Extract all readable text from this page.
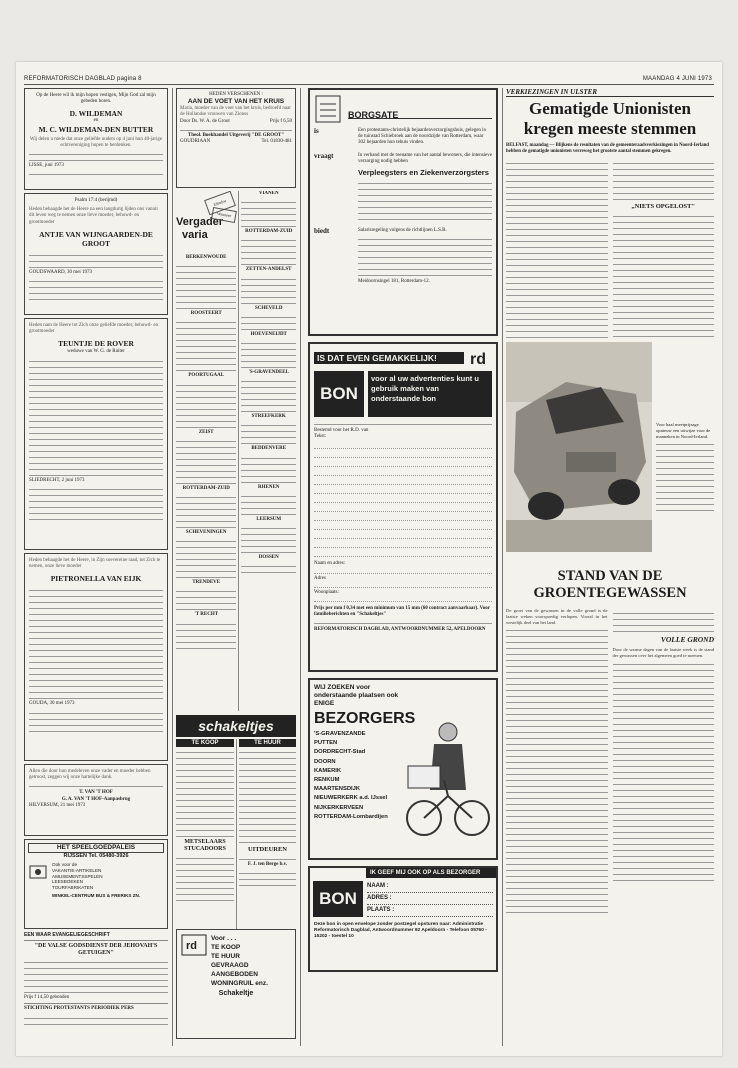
REFORMATORISCH DAGBLAD pagina 8	MAANDAG 4 JUNI 1973
Op de Heere wil ik mijn hopen vestigen, Mijn God zal mijn gebeden horen.
D. WILDEMAN
en
M. C. WILDEMAN-DEN BUTTER
Wij delen u mede dat onze geliefde ouders op 4 juni hun 40-jarige echtvereniging hopen te herdenken.
LISSE, juni 1973
Psalm 17:4 (berijmd)
Heden behaagde het de Heere na een langdurig lijden ons vanuit dit leven weg te nemen onze lieve moeder, behuwd- en grootmoeder
ANTJE VAN WIJNGAARDEN-DE GROOT
GOUDSWAARD, 30 mei 1973
Heden nam de Heere tot Zich onze geliefde moeder, behuwd- en grootmoeder
TEUNTJE DE ROVER
weduwe van W. G. de Ruiter
SLIEDRECHT, 2 juni 1973
Heden behaagde het de Heere, in Zijn soevereine raad, tot Zich te nemen, onze lieve moeder
PIETRONELLA VAN EIJK
GOUDA, 30 mei 1973
Allen die door hun medeleven onze vader en moeder hebben getroost, zeggen wij onze hartelijke dank.
T. VAN 'T HOF
G. A. VAN 'T HOF-Aanpasbrug
HILVERSUM, 21 mei 1973
HET SPEELGOEDPALEIS
RIJSSEN Tel. 05480-3926
Ook voor de
VAKANTIE-ARTIKELEN
AMUSEMENTSSPELEN
LEESBOEKEN
TOURFABRIKATEN
WINKEL-CENTRUM BUS & FRERIKS ZN.
EEN WAAR EVANGELIEGESCHRIFT
"DE VALSE GODSDIENST DER JEHOVAH'S GETUIGEN"
Prijs f 14,50 gebonden
STICHTING PROTESTANTS PERIODIEK PERS
HEDEN VERSCHENEN :
AAN DE VOET VAN HET KRUIS
Maria, moeder van de voet van het kruis, bedroefd naar de Hollandse vrouwen van Zionss
Door Ds. W. A. de Groot	Prijs f 6,50
Theol. Boekhandel Uitgeverij "DE GROOT"
GOUDRIAAN	Tel. 01830-481
Vergader
varia
Elimfoa
Wanneer
BERKENWOUDE
ROOSTEERT
POORTUGAAL
ZEIST
ROTTERDAM-ZUID
SCHEVENINGEN
TRENDEVE
'T RECHT
VIANEN
ROTTERDAM-ZUID
ZETTEN-ANDELST
SCHEVELD
HOEVENEIJDT
'S-GRAVENDEEL
STREEFKERK
BEDDENVERE
RHENEN
LEERSUM
DOSSEN
schakeltjes
TE KOOP
METSELAARS STUCADOORS
TE HUUR
UITDEUREN
F. J. ten Berge b.v.
rd
Voor . . .
TE KOOP
TE HUUR
GEVRAAGD
AANGEBODEN
WONINGRUIL enz.
Schakeltje
BORGSATE
is	Een protestants-christelijk bejaardenverzorgingshuis, gelegen in de tuinstad Schiebroek aan de noordzijde van Rotterdam, waar 302 bejaarden hun tehuis vinden.
vraagt	In verband met de toename van het aantal bewoners, die intensieve verzorging nodig hebben
Verpleegsters en Ziekenverzorgsters
biedt	Salarisregeling volgens de richtlijnen L.S.B.
Meidoornsingel 181, Rotterdam-12.
IS DAT EVEN GEMAKKELIJK!	rd
BON
voor al uw advertenties kunt u gebruik maken van onderstaande bon
Bestemd voor het R.D. van
Tekst:
Naam en adres:
Adres
Woonplaats:
Prijs per mm f 0,34 met een minimum van 15 mm (60 contract aanvaarbaar). Voor familieberichten en "Schakeltjes"
REFORMATORISCH DAGBLAD, ANTWOORDNUMMER 52, APELDOORN
WIJ ZOEKEN voor onderstaande plaatsen ook ENIGE
BEZORGERS
'S-GRAVENZANDE
PUTTEN
DORDRECHT-Stad
DOORN
KAMERIK
RENKUM
MAARTENSDIJK
NIEUWERKERK a.d. IJssel
NIJKERKERVEEN
ROTTERDAM-Lombardijen
IK GEEF MIJ OOK OP ALS BEZORGER
BON
NAAM :
ADRES :
PLAATS :
Deze bon in open envelope zonder postzegel opsturen naar: Administratie Reformatorisch Dagblad, Antwoordnummer 92 Apeldoorn - Telefoon 05760 - 15202 - toestel 10
VERKIEZINGEN IN ULSTER
Gematigde Unionisten
kregen meeste stemmen
BELFAST, maandag — Blijkens de resultaten van de gemeenteraadsverkiezingen in Noord-Ierland hebben de gematigde unionisten verreweg het grootste aantal stemmen gekregen.
„NIETS OPGELOST"
Voor haaf meetprijzage opnieuw een uitwijze voor de manneken in Noord-Ierland.
STAND VAN DE
GROENTEGEWASSEN
De groei van de gewassen in de volle grond is de laatste weken voorspoedig verlopen. Vooral in het westelijk deel van het land.
VOLLE GROND
Door de warme dagen van de laatste week is de stand der gewassen over het algemeen goed te noemen.
